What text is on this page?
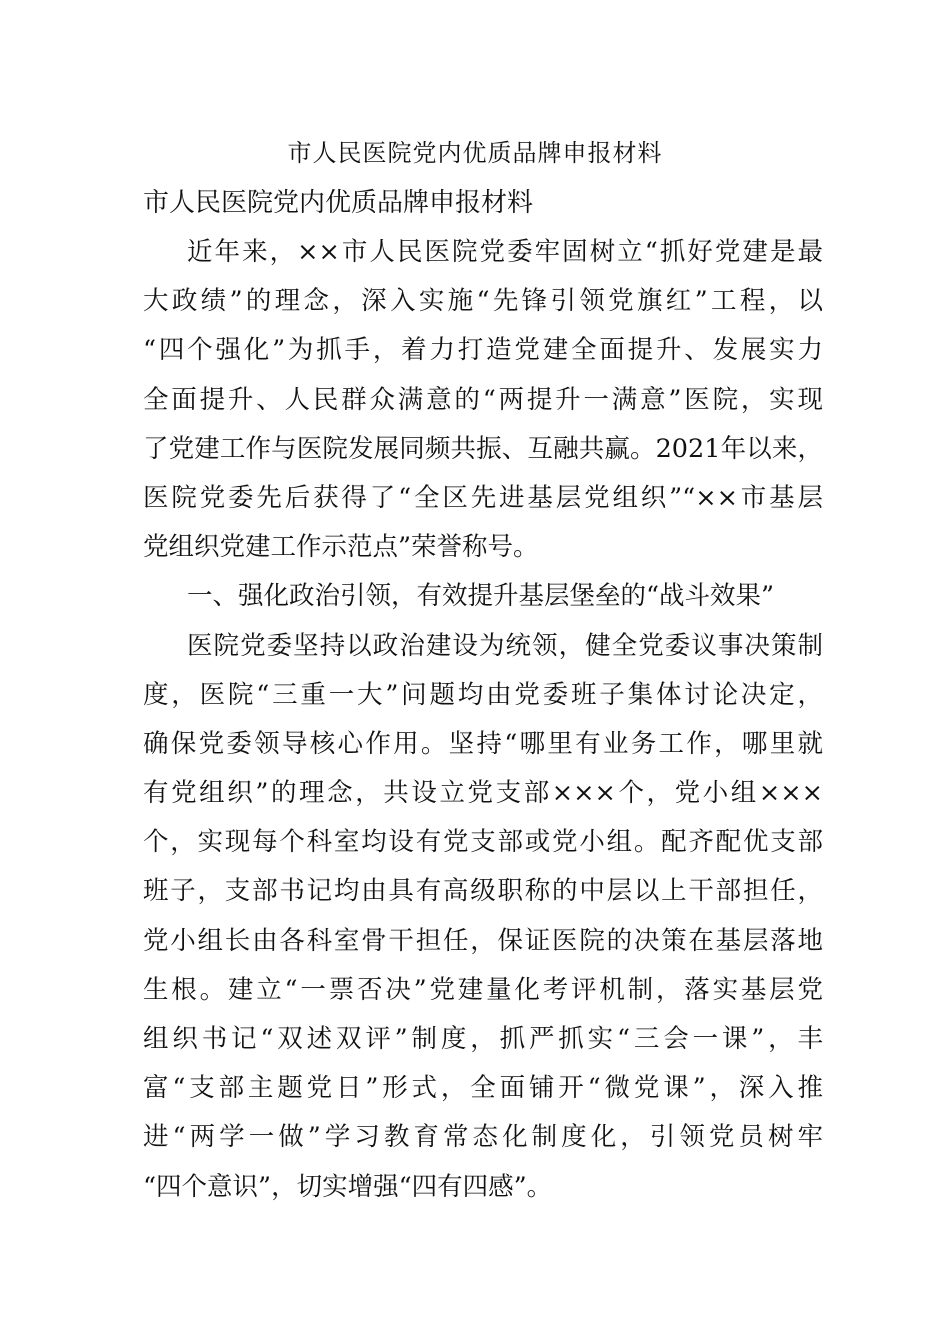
市人民医院党内优质品牌申报材料
市人民医院党内优质品牌申报材料
近年来，××市人民医院党委牢固树立“抓好党建是最
大政绩”的理念，深入实施“先锋引领党旗红”工程，以
“四个强化”为抓手，着力打造党建全面提升、发展实力
全面提升、人民群众满意的“两提升一满意”医院，实现
了党建工作与医院发展同频共振、互融共赢。2021年以来，
医院党委先后获得了“全区先进基层党组织”“××市基层
党组织党建工作示范点”荣誉称号。
一、强化政治引领，有效提升基层堡垒的“战斗效果”
医院党委坚持以政治建设为统领，健全党委议事决策制
度，医院“三重一大”问题均由党委班子集体讨论决定，
确保党委领导核心作用。坚持“哪里有业务工作，哪里就
有党组织”的理念，共设立党支部×××个，党小组×××
个，实现每个科室均设有党支部或党小组。配齐配优支部
班子，支部书记均由具有高级职称的中层以上干部担任，
党小组长由各科室骨干担任，保证医院的决策在基层落地
生根。建立“一票否决”党建量化考评机制，落实基层党
组织书记“双述双评”制度，抓严抓实“三会一课”，丰
富“支部主题党日”形式，全面铺开“微党课”，深入推
进“两学一做”学习教育常态化制度化，引领党员树牢
“四个意识”，切实增强“四有四感”。
